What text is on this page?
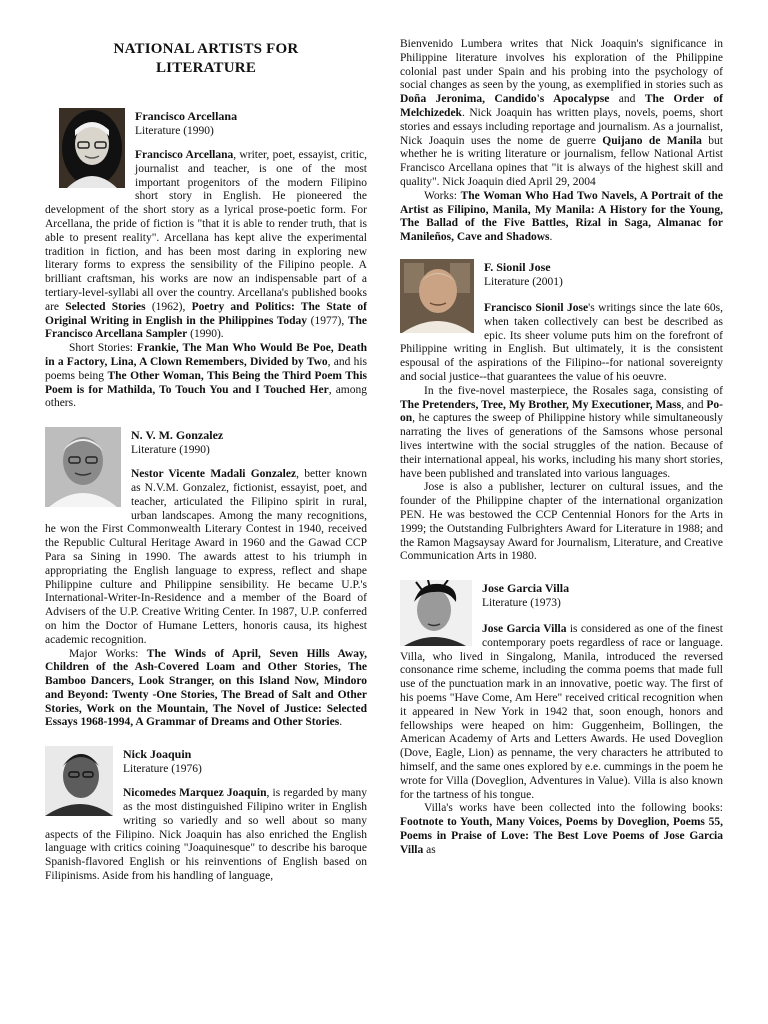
NATIONAL ARTISTS FOR
LITERATURE
Francisco Arcellana
Literature (1990)

Francisco Arcellana, writer, poet, essayist, critic, journalist and teacher, is one of the most important progenitors of the modern Filipino short story in English. He pioneered the development of the short story as a lyrical prose-poetic form. For Arcellana, the pride of fiction is "that it is able to render truth, that is able to present reality". Arcellana has kept alive the experimental tradition in fiction, and has been most daring in exploring new literary forms to express the sensibility of the Filipino people. A brilliant craftsman, his works are now an indispensable part of a tertiary-level-syllabi all over the country. Arcellana's published books are Selected Stories (1962), Poetry and Politics: The State of Original Writing in English in the Philippines Today (1977), The Francisco Arcellana Sampler (1990).

Short Stories: Frankie, The Man Who Would Be Poe, Death in a Factory, Lina, A Clown Remembers, Divided by Two, and his poems being The Other Woman, This Being the Third Poem This Poem is for Mathilda, To Touch You and I Touched Her, among others.

N. V. M. Gonzalez
Literature (1990)

Nestor Vicente Madali Gonzalez, better known as N.V.M. Gonzalez, fictionist, essayist, poet, and teacher, articulated the Filipino spirit in rural, urban landscapes. Among the many recognitions, he won the First Commonwealth Literary Contest in 1940, received the Republic Cultural Heritage Award in 1960 and the Gawad CCP Para sa Sining in 1990. The awards attest to his triumph in appropriating the English language to express, reflect and shape Philippine culture and Philippine sensibility. He became U.P.'s International-Writer-In-Residence and a member of the Board of Advisers of the U.P. Creative Writing Center. In 1987, U.P. conferred on him the Doctor of Humane Letters, honoris causa, its highest academic recognition.

Major Works: The Winds of April, Seven Hills Away, Children of the Ash-Covered Loam and Other Stories, The Bamboo Dancers, Look Stranger, on this Island Now, Mindoro and Beyond: Twenty -One Stories, The Bread of Salt and Other Stories, Work on the Mountain, The Novel of Justice: Selected Essays 1968-1994, A Grammar of Dreams and Other Stories.

Nick Joaquin
Literature (1976)

Nicomedes Marquez Joaquin, is regarded by many as the most distinguished Filipino writer in English writing so variedly and so well about so many aspects of the Filipino. Nick Joaquin has also enriched the English language with critics coining "Joaquinesque" to describe his baroque Spanish-flavored English or his reinventions of English based on Filipinisms. Aside from his handling of language,

Bienvenido Lumbera writes that Nick Joaquin's significance in Philippine literature involves his exploration of the Philippine colonial past under Spain and his probing into the psychology of social changes as seen by the young, as exemplified in stories such as Doña Jeronima, Candido's Apocalypse and The Order of Melchizedek. Nick Joaquin has written plays, novels, poems, short stories and essays including reportage and journalism. As a journalist, Nick Joaquin uses the nome de guerre Quijano de Manila but whether he is writing literature or journalism, fellow National Artist Francisco Arcellana opines that "it is always of the highest skill and quality". Nick Joaquin died April 29, 2004

Works: The Woman Who Had Two Navels, A Portrait of the Artist as Filipino, Manila, My Manila: A History for the Young, The Ballad of the Five Battles, Rizal in Saga, Almanac for Manileños, Cave and Shadows.

F. Sionil Jose
Literature (2001)

Francisco Sionil Jose's writings since the late 60s, when taken collectively can best be described as epic. Its sheer volume puts him on the forefront of Philippine writing in English. But ultimately, it is the consistent espousal of the aspirations of the Filipino--for national sovereignty and social justice--that guarantees the value of his oeuvre.

In the five-novel masterpiece, the Rosales saga, consisting of The Pretenders, Tree, My Brother, My Executioner, Mass, and Po-on, he captures the sweep of Philippine history while simultaneously narrating the lives of generations of the Samsons whose personal lives intertwine with the social struggles of the nation. Because of their international appeal, his works, including his many short stories, have been published and translated into various languages.

Jose is also a publisher, lecturer on cultural issues, and the founder of the Philippine chapter of the international organization PEN. He was bestowed the CCP Centennial Honors for the Arts in 1999; the Outstanding Fulbrighters Award for Literature in 1988; and the Ramon Magsaysay Award for Journalism, Literature, and Creative Communication Arts in 1980.

Jose Garcia Villa
Literature (1973)

Jose Garcia Villa is considered as one of the finest contemporary poets regardless of race or language. Villa, who lived in Singalong, Manila, introduced the reversed consonance rime scheme, including the comma poems that made full use of the punctuation mark in an innovative, poetic way. The first of his poems "Have Come, Am Here" received critical recognition when it appeared in New York in 1942 that, soon enough, honors and fellowships were heaped on him: Guggenheim, Bollingen, the American Academy of Arts and Letters Awards. He used Doveglion (Dove, Eagle, Lion) as penname, the very characters he attributed to himself, and the same ones explored by e.e. cummings in the poem he wrote for Villa (Doveglion, Adventures in Value). Villa is also known for the tartness of his tongue.

Villa's works have been collected into the following books: Footnote to Youth, Many Voices, Poems by Doveglion, Poems 55, Poems in Praise of Love: The Best Love Poems of Jose Garcia Villa as
